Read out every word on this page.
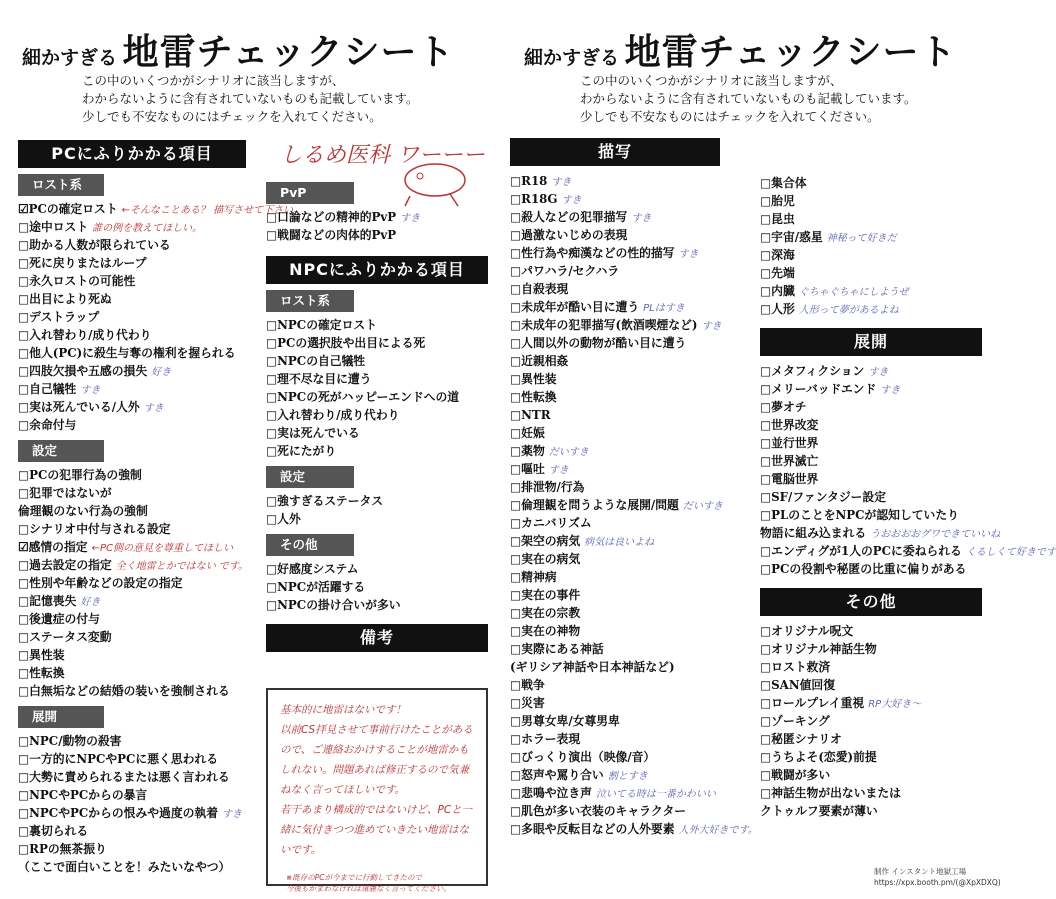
細かすぎる 地雷チェックシート
この中のいくつかがシナリオに該当しますが、
わからないように含有されていないものも記載しています。
少しでも不安なものにはチェックを入れてください。
細かすぎる 地雷チェックシート
この中のいくつかがシナリオに該当しますが、
わからないように含有されていないものも記載しています。
少しでも不安なものにはチェックを入れてください。
しるめ医科 ワーーー
PCにふりかかる項目
ロスト系
☑PCの確定ロスト ←そんなことある？ 描写させて下さい。
□途中ロスト 誰の例を教えてほしい。
□助かる人数が限られている
□死に戻りまたはループ
□永久ロストの可能性
□出目により死ぬ
□デストラップ
□入れ替わり/成り代わり
□他人(PC)に殺生与奪の権利を握られる
□四肢欠損や五感の損失 好き
□自己犠牲 すき
□実は死んでいる/人外 すき
□余命付与
設定
□PCの犯罪行為の強制
□犯罪ではないが
倫理観のない行為の強制
□シナリオ中付与される設定
☑感情の指定 ←PC側の意見を尊重してほしい
□過去設定の指定 全く地雷とかではない です。
□性別や年齢などの設定の指定
□記憶喪失 好き
□後遺症の付与
□ステータス変動
□異性装
□性転換
□白無垢などの結婚の装いを強制される
展開
□NPC/動物の殺害
□一方的にNPCやPCに悪く思われる
□大勢に責められるまたは悪く言われる
□NPCやPCからの暴言
□NPCやPCからの恨みや過度の執着 すき
□裏切られる
□RPの無茶振り
（ここで面白いことを！みたいなやつ）
PvP
□口論などの精神的PvP すき
□戦闘などの肉体的PvP
NPCにふりかかる項目
ロスト系
□NPCの確定ロスト
□PCの選択肢や出目による死
□NPCの自己犠牲
□理不尽な目に遭う
□NPCの死がハッピーエンドへの道
□入れ替わり/成り代わり
□実は死んでいる
□死にたがり
設定
□強すぎるステータス
□人外
その他
□好感度システム
□NPCが活躍する
□NPCの掛け合いが多い
備考
基本的に地雷はないです！
以前CS拝見させて事前行けたことがあるので、ご連絡おかけすることが地雷かもしれない。問題あれば修正するので気兼ねなく言ってほしいです。
若干あまり構成的ではないけど、PCと一緒に気付きつつ進めていきたい地雷はないです。
※既存のPCが今までに行動してきたので
今後もかまわなければ遠慮なく言ってください。
描写
□R18 すき
□R18G すき
□殺人などの犯罪描写 すき
□過激ないじめの表現
□性行為や痴漢などの性的描写 すき
□パワハラ/セクハラ
□自殺表現
□未成年が酷い目に遭う PLはすき
□未成年の犯罪描写(飲酒喫煙など) すき
□人間以外の動物が酷い目に遭う
□近親相姦
□異性装
□性転換
□NTR
□妊娠
□薬物 だいすき
□嘔吐 すき
□排泄物/行為
□倫理観を問うような展開/問題 だいすき
□カニバリズム
□架空の病気 病気は良いよね
□実在の病気
□精神病
□実在の事件
□実在の宗教
□実在の神物
□実際にある神話
(ギリシア神話や日本神話など)
□戦争
□災害
□男尊女卑/女尊男卑
□ホラー表現
□びっくり演出（映像/音）
□怒声や罵り合い 割とすき
□悲鳴や泣き声 泣いてる時は一番かわいい
□肌色が多い衣装のキャラクター
□多眼や反転目などの人外要素 人外大好きです。
□集合体
□胎児
□昆虫
□宇宙/惑星 神秘って好きだ
□深海
□先端
□内臓 ぐちゃぐちゃにしようぜ
□人形 人形って夢があるよね
展開
□メタフィクション すき
□メリーバッドエンド すき
□夢オチ
□世界改変
□並行世界
□世界滅亡
□電脳世界
□SF/ファンタジー設定
□PLのことをNPCが認知していたり
物語に組み込まれる うおおおおグワできていいね
□エンディグが1人のPCに委ねられる くるしくて好きです
□PCの役割や秘匿の比重に偏りがある
その他
□オリジナル呪文
□オリジナル神話生物
□ロスト救済
□SAN値回復
□ロールプレイ重視 RP大好き〜
□ゾーキング
□秘匿シナリオ
□うちよそ(恋愛)前提
□戦闘が多い
□神話生物が出ないまたは
クトゥルフ要素が薄い
制作 インスタント地獄工場
https://xpx.booth.pm/(@XpXDXQ)
